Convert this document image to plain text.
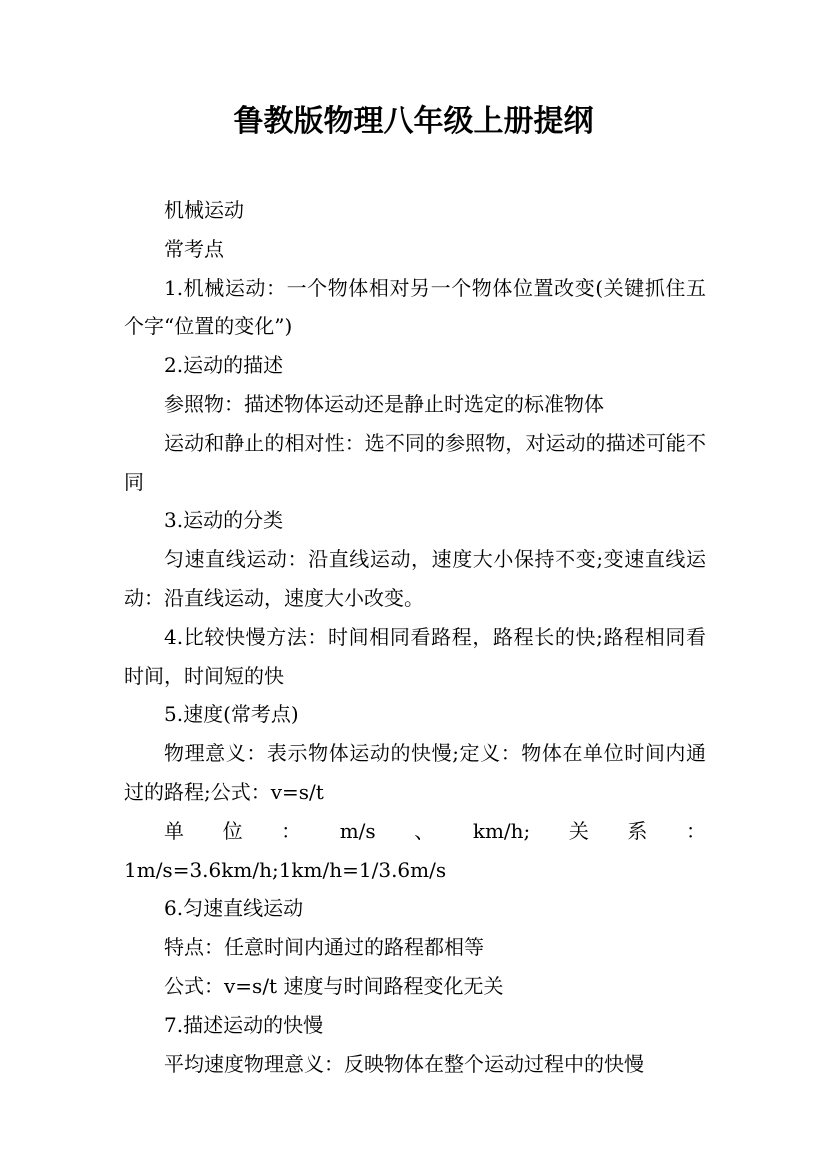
鲁教版物理八年级上册提纲

机械运动

常考点

1.机械运动：一个物体相对另一个物体位置改变(关键抓住五个字“位置的变化”)

2.运动的描述

参照物：描述物体运动还是静止时选定的标准物体

运动和静止的相对性：选不同的参照物，对运动的描述可能不同

3.运动的分类

匀速直线运动：沿直线运动，速度大小保持不变;变速直线运动：沿直线运动，速度大小改变。

4.比较快慢方法：时间相同看路程，路程长的快;路程相同看时间，时间短的快

5.速度(常考点)

物理意义：表示物体运动的快慢;定义：物体在单位时间内通过的路程;公式：v=s/t

单位：m/s、km/h;关系：1m/s=3.6km/h;1km/h=1/3.6m/s

6.匀速直线运动

特点：任意时间内通过的路程都相等

公式：v=s/t 速度与时间路程变化无关

7.描述运动的快慢

平均速度物理意义：反映物体在整个运动过程中的快慢
